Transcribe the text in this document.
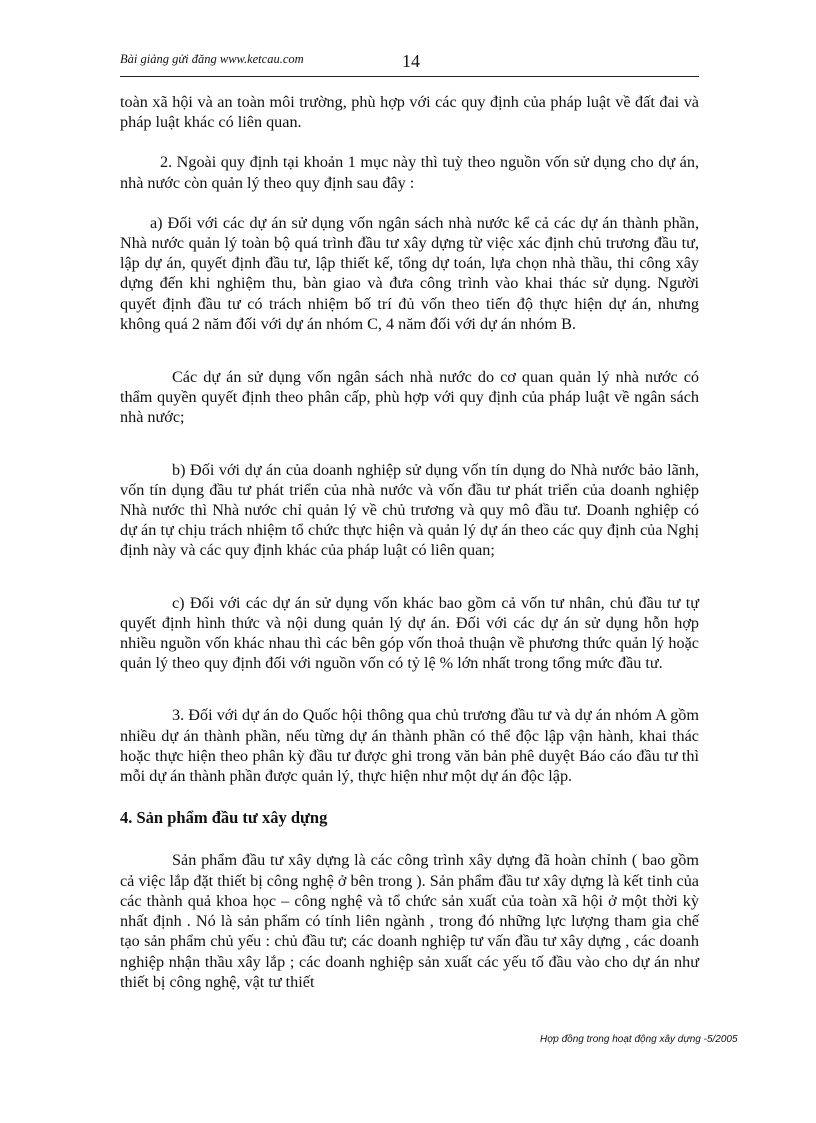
Bài giảng gửi đăng www.ketcau.com	14

toàn xã hội và an toàn môi trường, phù hợp với các quy định của pháp luật về đất đai và pháp luật khác có liên quan.

2. Ngoài quy định tại khoản 1 mục này thì tuỳ theo nguồn vốn sử dụng cho dự án, nhà nước còn quản lý theo quy định sau đây :

a) Đối với các dự án sử dụng vốn ngân sách nhà nước kể cả các dự án thành phần, Nhà nước quản lý toàn bộ quá trình đầu tư xây dựng từ việc xác định chủ trương đầu tư, lập dự án, quyết định đầu tư, lập thiết kế, tổng dự toán, lựa chọn nhà thầu, thi công xây dựng đến khi nghiệm thu, bàn giao và đưa công trình vào khai thác sử dụng. Người quyết định đầu tư có trách nhiệm bố trí đủ vốn theo tiến độ thực hiện dự án, nhưng không quá 2 năm đối với dự án nhóm C, 4 năm đối với dự án nhóm B.

Các dự án sử dụng vốn ngân sách nhà nước do cơ quan quản lý nhà nước có thẩm quyền quyết định theo phân cấp, phù hợp với quy định của pháp luật về ngân sách nhà nước;

b) Đối với dự án của doanh nghiệp sử dụng vốn tín dụng do Nhà nước bảo lãnh, vốn tín dụng đầu tư phát triển của nhà nước và vốn đầu tư phát triển của doanh nghiệp Nhà nước thì Nhà nước chỉ quản lý về chủ trương và quy mô đầu tư. Doanh nghiệp có dự án tự chịu trách nhiệm tổ chức thực hiện và quản lý dự án theo các quy định của Nghị định này và các quy định khác của pháp luật có liên quan;

c) Đối với các dự án sử dụng vốn khác bao gồm cả vốn tư nhân, chủ đầu tư tự quyết định hình thức và nội dung quản lý dự án. Đối với các dự án sử dụng hỗn hợp nhiều nguồn vốn khác nhau thì các bên góp vốn thoả thuận về phương thức quản lý hoặc quản lý theo quy định đối với nguồn vốn có tỷ lệ % lớn nhất trong tổng mức đầu tư.

3. Đối với dự án do Quốc hội thông qua chủ trương đầu tư và dự án nhóm A gồm nhiều dự án thành phần, nếu từng dự án thành phần có thể độc lập vận hành, khai thác hoặc thực hiện theo phân kỳ đầu tư được ghi trong văn bản phê duyệt Báo cáo đầu tư thì mỗi dự án thành phần được quản lý, thực hiện như một dự án độc lập.

4. Sản phẩm đầu tư xây dựng

Sản phẩm đầu tư xây dựng là các công trình xây dựng đã hoàn chỉnh ( bao gồm cả việc lắp đặt thiết bị công nghệ ở bên trong ). Sản phẩm đầu tư xây dựng là kết tinh của các thành quả khoa học – công nghệ và tổ chức sản xuất của toàn xã hội ở một thời kỳ nhất định . Nó là sản phẩm có tính liên ngành , trong đó những lực lượng tham gia chế tạo sản phẩm chủ yếu : chủ đầu tư; các doanh nghiệp tư vấn đầu tư xây dựng , các doanh nghiệp nhận thầu xây lắp ; các doanh nghiệp sản xuất các yếu tố đầu vào cho dự án như thiết bị công nghệ, vật tư thiết

Hợp đồng trong hoạt động xây dựng -5/2005
